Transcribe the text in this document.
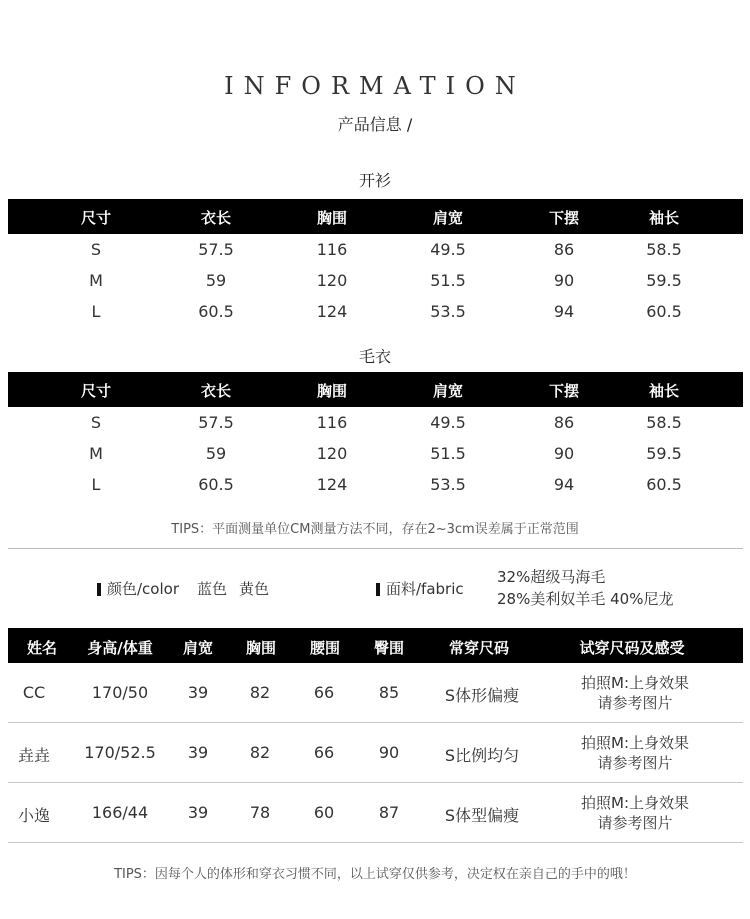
INFORMATION
产品信息 /
开衫
尺寸	衣长	胸围	肩宽	下摆	袖长
S	57.5	116	49.5	86	58.5
M	59	120	51.5	90	59.5
L	60.5	124	53.5	94	60.5
毛衣
尺寸	衣长	胸围	肩宽	下摆	袖长
S	57.5	116	49.5	86	58.5
M	59	120	51.5	90	59.5
L	60.5	124	53.5	94	60.5
TIPS：平面测量单位CM测量方法不同，存在2~3cm误差属于正常范围
颜色/color 蓝色 黄色	面料/fabric
32%超级马海毛
28%美利奴羊毛 40%尼龙
姓名 身高/体重 肩宽 胸围 腰围 臀围	常穿尺码	试穿尺码及感受
CC	170/50 39	82	66	85	S体形偏瘦
拍照M:上身效果
请参考图片
垚垚 170/52.5 39	82	66	90	S比例均匀
拍照M:上身效果
请参考图片
小逸	166/44 39	78	60	87	S体型偏瘦
拍照M:上身效果
请参考图片
TIPS：因每个人的体形和穿衣习惯不同，以上试穿仅供参考，决定权在亲自己的手中的哦！
